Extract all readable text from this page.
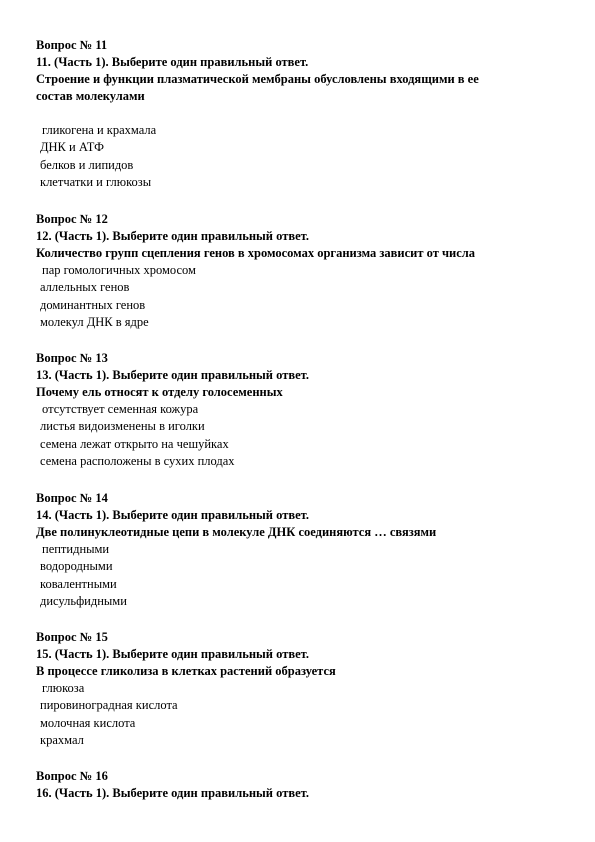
Вопрос № 11
11. (Часть 1). Выберите один правильный ответ.
Строение и функции плазматической мембраны обусловлены входящими в ее
состав молекулами
гликогена и крахмала
ДНК и АТФ
белков и липидов
клетчатки и глюкозы
Вопрос № 12
12. (Часть 1). Выберите один правильный ответ.
Количество групп сцепления генов в хромосомах организма зависит от числа
пар гомологичных хромосом
аллельных генов
доминантных генов
молекул ДНК в ядре
Вопрос № 13
13. (Часть 1). Выберите один правильный ответ.
Почему ель относят к отделу голосеменных
отсутствует семенная кожура
листья видоизменены в иголки
семена лежат открыто на чешуйках
семена расположены в сухих плодах
Вопрос № 14
14. (Часть 1). Выберите один правильный ответ.
Две полинуклеотидные цепи в молекуле ДНК соединяются … связями
пептидными
водородными
ковалентными
дисульфидными
Вопрос № 15
15. (Часть 1). Выберите один правильный ответ.
В процессе гликолиза в клетках растений образуется
глюкоза
пировиноградная кислота
молочная кислота
крахмал
Вопрос № 16
16. (Часть 1). Выберите один правильный ответ.
